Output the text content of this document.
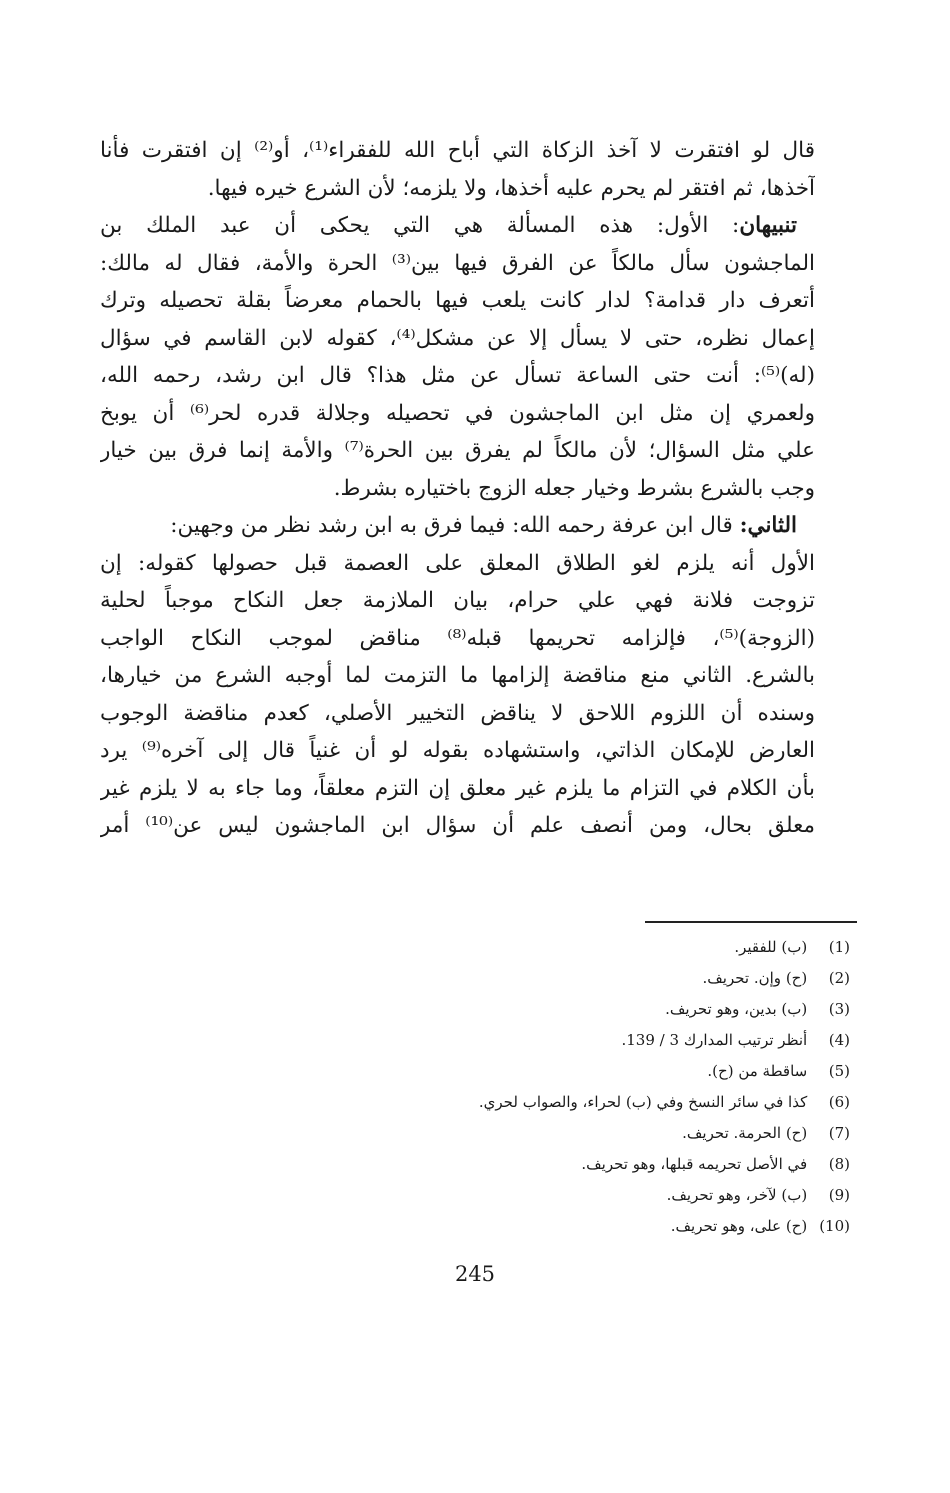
قال لو افتقرت لا آخذ الزكاة التي أباح الله للفقراء⁽¹⁾، أو⁽²⁾ إن افتقرت فأنا
آخذها، ثم افتقر لم يحرم عليه أخذها، ولا يلزمه؛ لأن الشرع خيره فيها.
تنبيهان: الأول: هذه المسألة هي التي يحكى أن عبد الملك بن
الماجشون سأل مالكاً عن الفرق فيها بين⁽³⁾ الحرة والأمة، فقال له مالك:
أتعرف دار قدامة؟ لدار كانت يلعب فيها بالحمام معرضاً بقلة تحصيله وترك
إعمال نظره، حتى لا يسأل إلا عن مشكل⁽⁴⁾، كقوله لابن القاسم في سؤال
(له)⁽⁵⁾: أنت حتى الساعة تسأل عن مثل هذا؟ قال ابن رشد، رحمه الله،
ولعمري إن مثل ابن الماجشون في تحصيله وجلالة قدره لحر⁽⁶⁾ أن يوبخ
علي مثل السؤال؛ لأن مالكاً لم يفرق بين الحرة⁽⁷⁾ والأمة إنما فرق بين خيار
وجب بالشرع بشرط وخيار جعله الزوج باختياره بشرط.
الثاني: قال ابن عرفة رحمه الله: فيما فرق به ابن رشد نظر من وجهين:
الأول أنه يلزم لغو الطلاق المعلق على العصمة قبل حصولها كقوله: إن
تزوجت فلانة فهي علي حرام، بيان الملازمة جعل النكاح موجباً لحلية
(الزوجة)⁽⁵⁾، فإلزامه تحريمها قبله⁽⁸⁾ مناقض لموجب النكاح الواجب
بالشرع. الثاني منع مناقضة إلزامها ما التزمت لما أوجبه الشرع من خيارها،
وسنده أن اللزوم اللاحق لا يناقض التخيير الأصلي، كعدم مناقضة الوجوب
العارض للإمكان الذاتي، واستشهاده بقوله لو أن غنياً قال إلى آخره⁽⁹⁾ يرد
بأن الكلام في التزام ما يلزم غير معلق إن التزم معلقاً، وما جاء به لا يلزم غير
معلق بحال، ومن أنصف علم أن سؤال ابن الماجشون ليس عن⁽¹⁰⁾ أمر
(1) (ب) للفقير.
(2) (ح) وإن. تحريف.
(3) (ب) بدين، وهو تحريف.
(4) أنظر ترتيب المدارك 3 / 139.
(5) ساقطة من (ح).
(6) كذا في سائر النسخ وفي (ب) لحراء، والصواب لحري.
(7) (ح) الحرمة. تحريف.
(8) في الأصل تحريمه قبلها، وهو تحريف.
(9) (ب) لآخر، وهو تحريف.
(10) (ح) على، وهو تحريف.
245
